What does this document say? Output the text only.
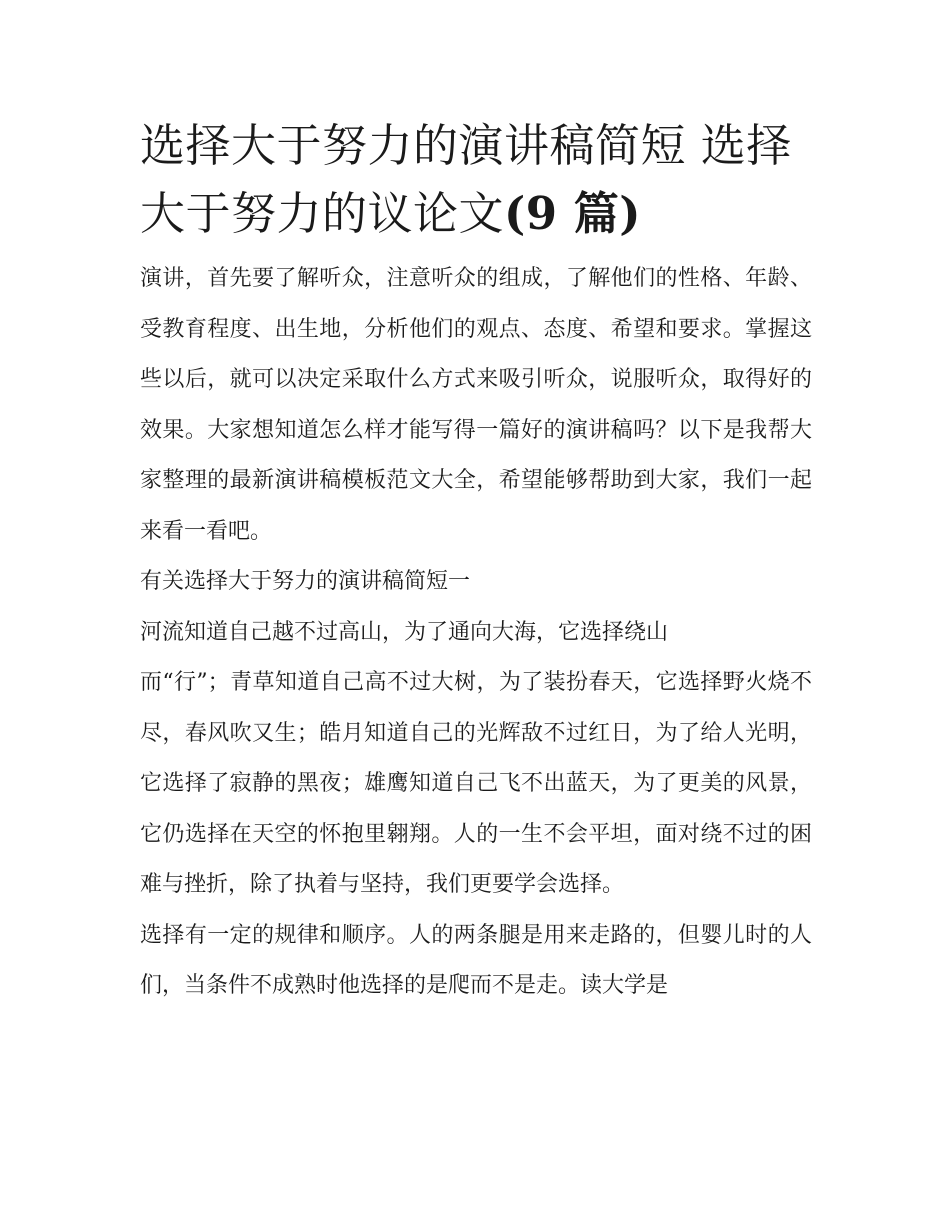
选择大于努力的演讲稿简短 选择大于努力的议论文(9 篇)

演讲，首先要了解听众，注意听众的组成，了解他们的性格、年龄、受教育程度、出生地，分析他们的观点、态度、希望和要求。掌握这些以后，就可以决定采取什么方式来吸引听众，说服听众，取得好的效果。大家想知道怎么样才能写得一篇好的演讲稿吗？以下是我帮大家整理的最新演讲稿模板范文大全，希望能够帮助到大家，我们一起来看一看吧。

有关选择大于努力的演讲稿简短一

河流知道自己越不过高山，为了通向大海，它选择绕山

而“行”；青草知道自己高不过大树，为了装扮春天，它选择野火烧不尽，春风吹又生；皓月知道自己的光辉敌不过红日，为了给人光明，它选择了寂静的黑夜；雄鹰知道自己飞不出蓝天，为了更美的风景，它仍选择在天空的怀抱里翱翔。人的一生不会平坦，面对绕不过的困难与挫折，除了执着与坚持，我们更要学会选择。

选择有一定的规律和顺序。人的两条腿是用来走路的，但婴儿时的人们，当条件不成熟时他选择的是爬而不是走。读大学是
